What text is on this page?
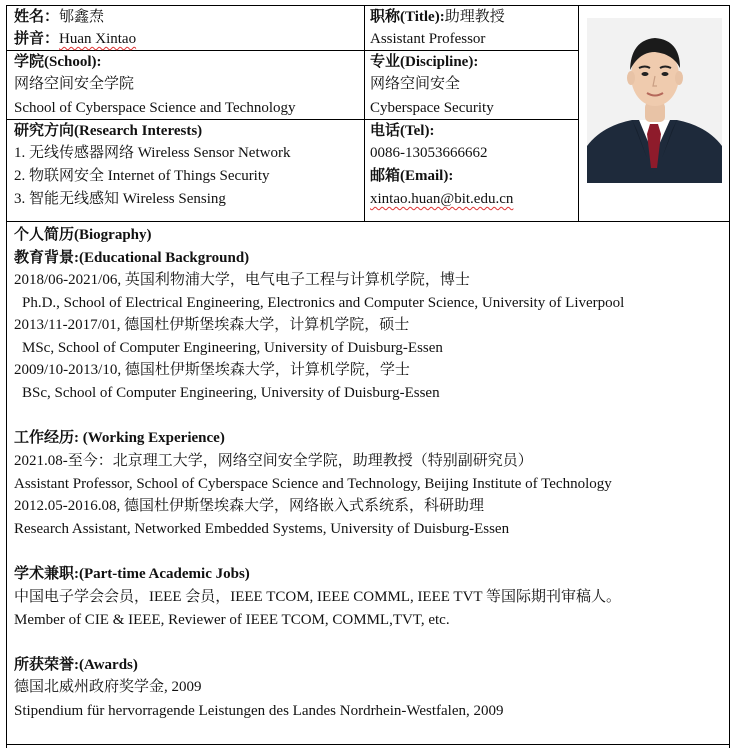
姓名：郇鑫焘
拼音：Huan Xintao
职称(Title):助理教授
Assistant Professor
学院(School):
网络空间安全学院
School of Cyberspace Science and Technology
专业(Discipline):
网络空间安全
Cyberspace Security
研究方向(Research Interests)
1. 无线传感器网络 Wireless Sensor Network
2. 物联网安全 Internet of Things Security
3. 智能无线感知 Wireless Sensing
电话(Tel):
0086-13053666662
邮箱(Email):
xintao.huan@bit.edu.cn
个人简历(Biography)
教育背景:(Educational Background)
2018/06-2021/06, 英国利物浦大学，电气电子工程与计算机学院，博士
Ph.D., School of Electrical Engineering, Electronics and Computer Science, University of Liverpool
2013/11-2017/01, 德国杜伊斯堡埃森大学，计算机学院，硕士
MSc, School of Computer Engineering, University of Duisburg-Essen
2009/10-2013/10, 德国杜伊斯堡埃森大学，计算机学院，学士
BSc, School of Computer Engineering, University of Duisburg-Essen
工作经历: (Working Experience)
2021.08-至今：北京理工大学，网络空间安全学院，助理教授（特别副研究员）
Assistant Professor, School of Cyberspace Science and Technology, Beijing Institute of Technology
2012.05-2016.08, 德国杜伊斯堡埃森大学，网络嵌入式系统系，科研助理
Research Assistant, Networked Embedded Systems, University of Duisburg-Essen
学术兼职:(Part-time Academic Jobs)
中国电子学会会员，IEEE 会员，IEEE TCOM, IEEE COMML, IEEE TVT 等国际期刊审稿人。
Member of CIE & IEEE, Reviewer of IEEE TCOM, COMML,TVT, etc.
所获荣誉:(Awards)
德国北威州政府奖学金, 2009
Stipendium für hervorragende Leistungen des Landes Nordrhein-Westfalen, 2009
